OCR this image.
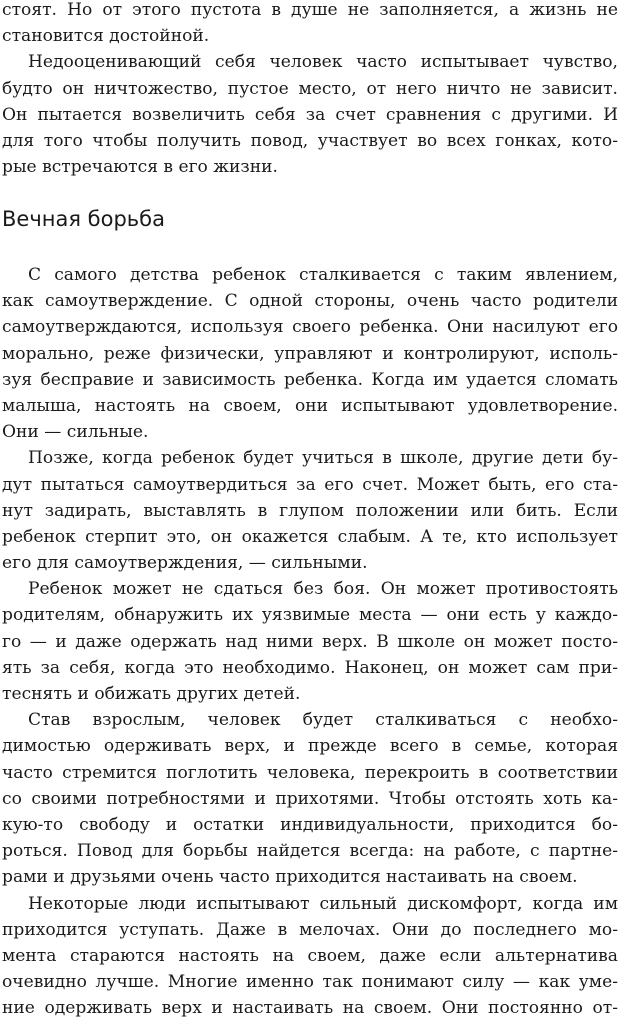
стоят. Но от этого пустота в душе не заполняется, а жизнь не
становится достойной.
Недооценивающий себя человек часто испытывает чувство,
будто он ничтожество, пустое место, от него ничто не зависит.
Он пытается возвеличить себя за счет сравнения с другими. И
для того чтобы получить повод, участвует во всех гонках, кото-
рые встречаются в его жизни.
Вечная борьба
С самого детства ребенок сталкивается с таким явлением,
как самоутверждение. С одной стороны, очень часто родители
самоутверждаются, используя своего ребенка. Они насилуют его
морально, реже физически, управляют и контролируют, исполь-
зуя бесправие и зависимость ребенка. Когда им удается сломать
малыша, настоять на своем, они испытывают удовлетворение.
Они — сильные.
Позже, когда ребенок будет учиться в школе, другие дети бу-
дут пытаться самоутвердиться за его счет. Может быть, его ста-
нут задирать, выставлять в глупом положении или бить. Если
ребенок стерпит это, он окажется слабым. А те, кто использует
его для самоутверждения, — сильными.
Ребенок может не сдаться без боя. Он может противостоять
родителям, обнаружить их уязвимые места — они есть у каждо-
го — и даже одержать над ними верх. В школе он может посто-
ять за себя, когда это необходимо. Наконец, он может сам при-
теснять и обижать других детей.
Став взрослым, человек будет сталкиваться с необхо-
димостью одерживать верх, и прежде всего в семье, которая
часто стремится поглотить человека, перекроить в соответствии
со своими потребностями и прихотями. Чтобы отстоять хоть ка-
кую-то свободу и остатки индивидуальности, приходится бо-
роться. Повод для борьбы найдется всегда: на работе, с партне-
рами и друзьями очень часто приходится настаивать на своем.
Некоторые люди испытывают сильный дискомфорт, когда им
приходится уступать. Даже в мелочах. Они до последнего мо-
мента стараются настоять на своем, даже если альтернатива
очевидно лучше. Многие именно так понимают силу — как уме-
ние одерживать верх и настаивать на своем. Они постоянно от-
